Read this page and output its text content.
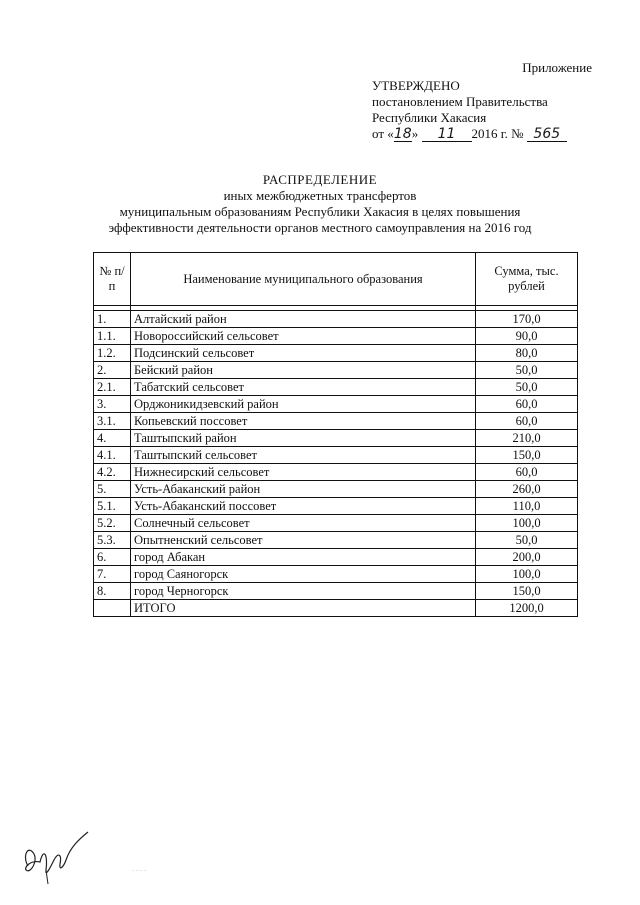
Приложение
УТВЕРЖДЕНО
постановлением Правительства
Республики Хакасия
от «18» 11 2016 г. № 565
РАСПРЕДЕЛЕНИЕ
иных межбюджетных трансфертов
муниципальным образованиям Республики Хакасия в целях повышения
эффективности деятельности органов местного самоуправления на 2016 год
№ п/п	Наименование муниципального образования	Сумма, тыс. рублей

1.	Алтайский район	170,0
1.1.	Новороссийский сельсовет	90,0
1.2.	Подсинский сельсовет	80,0
2.	Бейский район	50,0
2.1.	Табатский сельсовет	50,0
3.	Орджоникидзевский район	60,0
3.1.	Копьевский поссовет	60,0
4.	Таштыпский район	210,0
4.1.	Таштыпский сельсовет	150,0
4.2.	Нижнесирский сельсовет	60,0
5.	Усть-Абаканский район	260,0
5.1.	Усть-Абаканский поссовет	110,0
5.2.	Солнечный сельсовет	100,0
5.3.	Опытненский сельсовет	50,0
6.	город Абакан	200,0
7.	город Саяногорск	100,0
8.	город Черногорск	150,0
	ИТОГО	1200,0
. . . .
